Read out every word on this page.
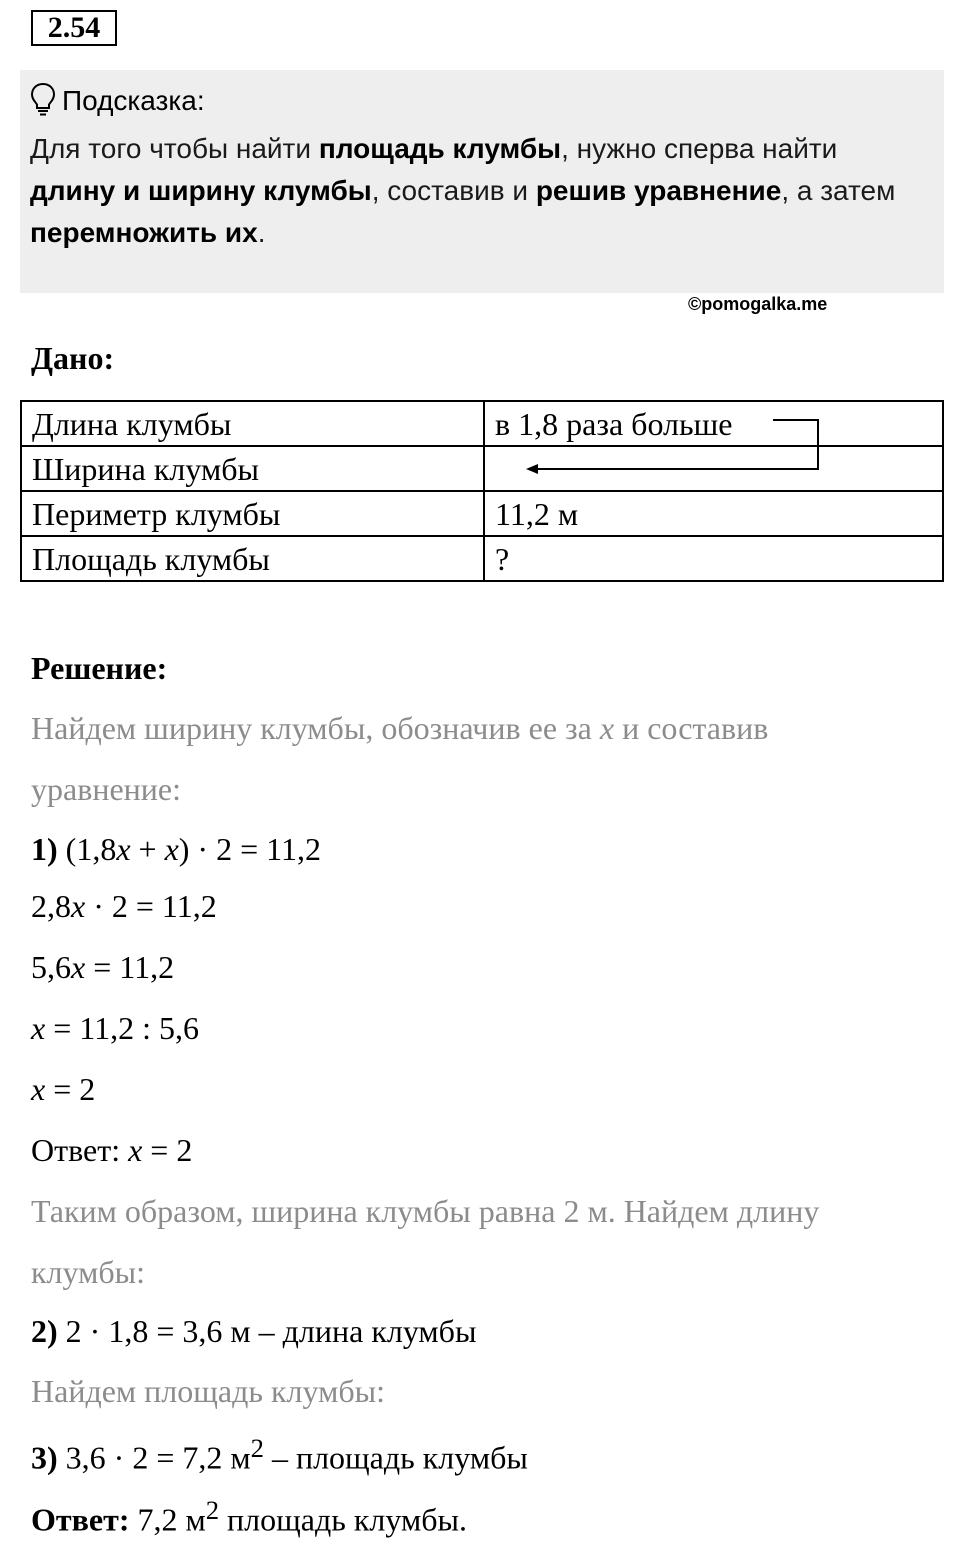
2.54
Подсказка:
Для того чтобы найти площадь клумбы, нужно сперва найти длину и ширину клумбы, составив и решив уравнение, а затем перемножить их.
©pomogalka.me
Дано:
Длина клумбы	в 1,8 раза больше
Ширина клумбы	
Периметр клумбы	11,2 м
Площадь клумбы	?
Решение:
Найдем ширину клумбы, обозначив ее за x и составив
уравнение:
1) (1,8x + x) · 2 = 11,2
2,8x · 2 = 11,2
5,6x = 11,2
x = 11,2 : 5,6
x = 2
Ответ: x = 2
Таким образом, ширина клумбы равна 2 м. Найдем длину
клумбы:
2) 2 · 1,8 = 3,6 м – длина клумбы
Найдем площадь клумбы:
3) 3,6 · 2 = 7,2 $м^2$ – площадь клумбы
Ответ: 7,2 $м^2$ площадь клумбы.
